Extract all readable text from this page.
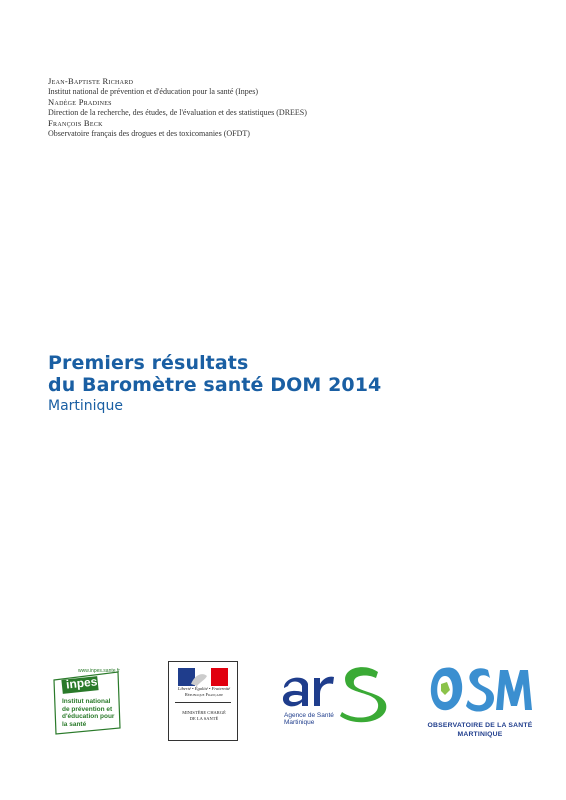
Jean-Baptiste Richard

Institut national de prévention et d'éducation pour la santé (Inpes)

Nadège Pradines

Direction de la recherche, des études, de l'évaluation et des statistiques (DREES)

François Beck

Observatoire français des drogues et des toxicomanies (OFDT)

Premiers résultats
du Baromètre santé DOM 2014
Martinique
www.inpes.sante.fr
inpes
Institut national
de prévention et
d'éducation pour
la santé
Liberté • Égalité • Fraternité
République Française
MINISTÈRE CHARGÉ
DE LA SANTÉ	Agence de Santé
Martinique	OBSERVATOIRE DE LA SANTÉ
MARTINIQUE
